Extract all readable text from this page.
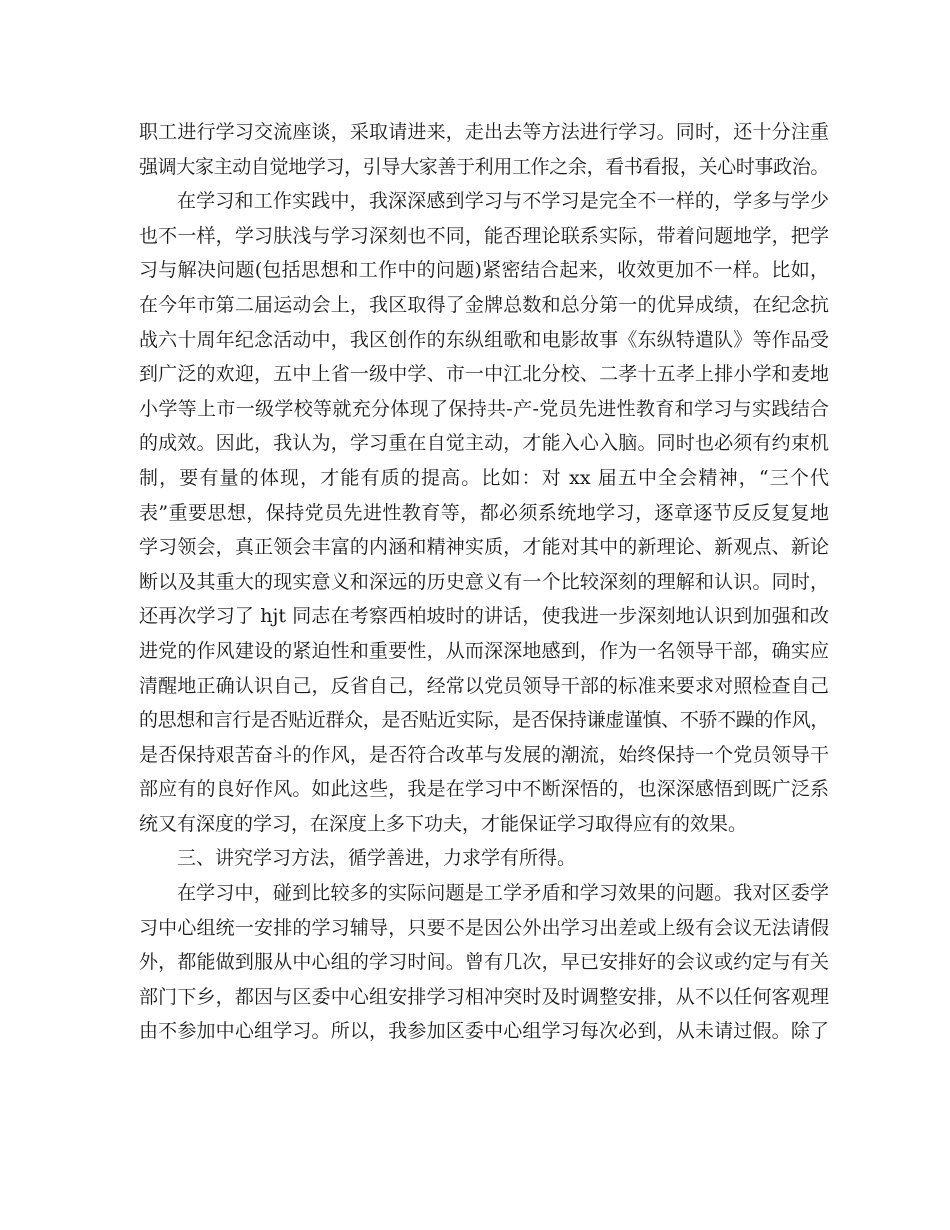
职工进行学习交流座谈，采取请进来，走出去等方法进行学习。同时，还十分注重
强调大家主动自觉地学习，引导大家善于利用工作之余，看书看报，关心时事政治。
在学习和工作实践中，我深深感到学习与不学习是完全不一样的，学多与学少
也不一样，学习肤浅与学习深刻也不同，能否理论联系实际，带着问题地学，把学
习与解决问题(包括思想和工作中的问题)紧密结合起来，收效更加不一样。比如，
在今年市第二届运动会上，我区取得了金牌总数和总分第一的优异成绩，在纪念抗
战六十周年纪念活动中，我区创作的东纵组歌和电影故事《东纵特遣队》等作品受
到广泛的欢迎，五中上省一级中学、市一中江北分校、二孝十五孝上排小学和麦地
小学等上市一级学校等就充分体现了保持共-产-党员先进性教育和学习与实践结合
的成效。因此，我认为，学习重在自觉主动，才能入心入脑。同时也必须有约束机
制，要有量的体现，才能有质的提高。比如：对 xx 届五中全会精神，“三个代
表”重要思想，保持党员先进性教育等，都必须系统地学习，逐章逐节反反复复地
学习领会，真正领会丰富的内涵和精神实质，才能对其中的新理论、新观点、新论
断以及其重大的现实意义和深远的历史意义有一个比较深刻的理解和认识。同时，
还再次学习了 hjt 同志在考察西柏坡时的讲话，使我进一步深刻地认识到加强和改
进党的作风建设的紧迫性和重要性，从而深深地感到，作为一名领导干部，确实应
清醒地正确认识自己，反省自己，经常以党员领导干部的标准来要求对照检查自己
的思想和言行是否贴近群众，是否贴近实际，是否保持谦虚谨慎、不骄不躁的作风，
是否保持艰苦奋斗的作风，是否符合改革与发展的潮流，始终保持一个党员领导干
部应有的良好作风。如此这些，我是在学习中不断深悟的，也深深感悟到既广泛系
统又有深度的学习，在深度上多下功夫，才能保证学习取得应有的效果。
三、讲究学习方法，循学善进，力求学有所得。
在学习中，碰到比较多的实际问题是工学矛盾和学习效果的问题。我对区委学
习中心组统一安排的学习辅导，只要不是因公外出学习出差或上级有会议无法请假
外，都能做到服从中心组的学习时间。曾有几次，早已安排好的会议或约定与有关
部门下乡，都因与区委中心组安排学习相冲突时及时调整安排，从不以任何客观理
由不参加中心组学习。所以，我参加区委中心组学习每次必到，从未请过假。除了
